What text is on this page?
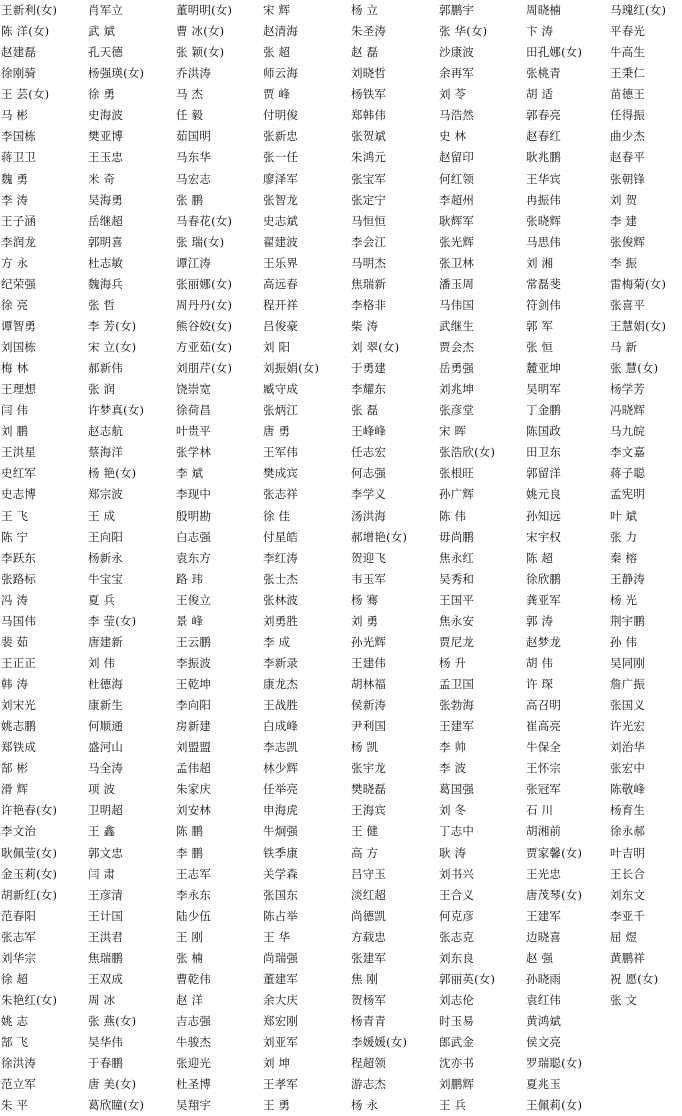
王新利(女)	肖军立	董明明(女)	宋 辉	杨 立	郭鹏宇	周晓楠	马瑰红(女)
陈 洋(女)	武 斌	曹 冰(女)	赵清海	朱圣涛	张 华(女)	卞 涛	平春光
赵建磊	孔天德	张 颖(女)	张 超	赵 磊	沙康波	田孔娜(女)	牛高生
徐刚骑	杨强瑛(女)	乔洪涛	师云海	刘晓哲	余再军	张桃青	王秉仁
王 芸(女)	徐 勇	马 杰	贾 峰	杨铁军	刘 苓	胡 适	苗德王
马 彬	史海波	任 毅	付明俊	郑韩伟	马浩然	郭春亮	任得振
李国栋	樊亚博	茹国明	张新忠	张贺斌	史 林	赵春红	曲少杰
蒋卫卫	王玉忠	马东华	张一任	朱鸿元	赵留印	耿兆鹏	赵春平
魏 勇	米 奇	马宏志	廖泽军	张宝军	何红领	王华宾	张朝锋
李 涛	吴海勇	张 鹏	张智龙	张定宁	李超州	冉振伟	刘 贺
王子涵	岳继超	马春花(女)	史志斌	马恒恒	耿辉军	张晓辉	李 建
李润龙	郭明喜	张 瑞(女)	翟建波	李会江	张光辉	马思伟	张俊辉
方 永	杜志敏	谭江涛	王乐界	马明杰	张卫林	刘 湘	李 振
纪荣强	魏海兵	张丽娜(女)	高远春	焦瑞新	潘玉周	常磊斐	雷梅菊(女)
徐 亮	张 哲	周丹丹(女)	程开祥	李格非	马伟国	符剑伟	张喜平
谭智勇	李 芳(女)	熊谷姣(女)	吕俊豪	柴 涛	武继生	郭 军	王慧娟(女)
刘国栋	宋 立(女)	方亚茹(女)	刘 阳	刘 翠(女)	贾会杰	张 恒	马 新
梅 林	郝新伟	刘朋芹(女)	刘振娟(女)	于勇建	岳勇强	麓亚坤	张 慧(女)
王理想	张 润	饶崇宽	臧守成	李耀东	刘兆坤	吴明军	杨学芳
闫 伟	许梦真(女)	徐荷昌	张炳江	张 磊	张彦堂	丁金鹏	冯晓辉
刘 鹏	赵志航	叶贵平	唐 勇	王峰峰	宋 晖	陈国政	马九皖
王洪星	蔡海洋	张学林	王军伟	任志宏	张浩欣(女)	田卫东	李文嘉
史红军	杨 艳(女)	李 斌	樊成宾	何志强	张根旺	郭留洋	蒋子聪
史志博	郑宗波	李现中	张志祥	李学义	孙广辉	姚元良	孟宪明
王 飞	王 成	殷明勘	徐 佳	汤洪海	陈 伟	孙知远	叶 斌
陈 宁	王向阳	白志强	付星皓	郝增艳(女)	毋尚鹏	宋宇权	张 力
李跃东	杨新永	袁东方	李红涛	贺迎飞	焦永红	陈 超	秦 榕
张路标	牛宝宝	路 玮	张士杰	韦玉军	吴秀和	徐欣鹏	王静涛
冯 涛	夏 兵	王俊立	张林波	杨 骞	王国平	龚亚军	杨 光
马国伟	李 莹(女)	景 峰	刘勇胜	刘 勇	焦永安	郭 涛	荆宇鹏
裴 茹	唐建新	王云鹏	李 成	孙光辉	贾尼龙	赵梦龙	孙 伟
王正正	刘 伟	李振波	李新录	王建伟	杨 升	胡 伟	吴同刚
韩 涛	杜德海	王乾坤	康龙杰	胡林福	孟卫国	许 琛	詹广振
刘宋光	康新生	李向阳	王战胜	侯新涛	张勃海	高召明	张国义
姚志鹏	何顺通	房新建	白成峰	尹利国	王建军	崔高亮	许光宏
郑铁成	盛河山	刘盟盟	李志凯	杨 凯	李 帅	牛保全	刘治华
郜 彬	马全涛	孟伟超	林少辉	张宇龙	李 波	王怀宗	张宏中
滑 辉	项 波	朱家庆	任举亮	樊晓磊	葛国强	张冠军	陈敬峰
许艳春(女)	卫明超	刘安林	申海虎	王海宾	刘 冬	石 川	杨育生
李文治	王 鑫	陈 鹏	牛炯强	王 健	丁志中	胡湘前	徐永郝
耿佩莹(女)	郭文忠	李 鹏	铁季康	高 方	耿 涛	贾家馨(女)	叶吉明
金玉莉(女)	闫 肃	王志军	关学森	吕守玉	刘书兴	王光忠	王长合
胡新红(女)	王彦清	李永东	张国东	淡红超	王合义	唐茂琴(女)	刘东文
范春阳	王计国	陆少伍	陈占举	尚德凯	何克彦	王建军	李亚千
张志军	王洪君	王 刚	王 华	方载忠	张志克	边晓喜	屈 煜
刘华宗	焦瑞鹏	张 楠	尚瑞强	张建军	刘东良	赵 强	黄鹏祥
徐 超	王双成	曹乾伟	董建军	焦 刚	郭丽英(女)	孙晓雨	祝 愿(女)
朱艳红(女)	周 冰	赵 洋	余大庆	贺杨军	刘志伦	袁红伟	张 文
姚 志	张 燕(女)	吉志强	郑宏刚	杨青青	时玉易	黄鸿斌
郜 飞	吴华伟	牛骏杰	刘亚军	李媛媛(女)	郎武金	侯文亮
徐洪涛	于春鹏	张迎光	刘 坤	程超领	沈亦书	罗瑞聪(女)
范立军	唐 美(女)	杜圣博	王孝军	游志杰	刘鹏辉	夏兆玉
朱 平	葛欣瞳(女)	吴翔宇	王 勇	杨 永	王 兵	王佩莉(女)
